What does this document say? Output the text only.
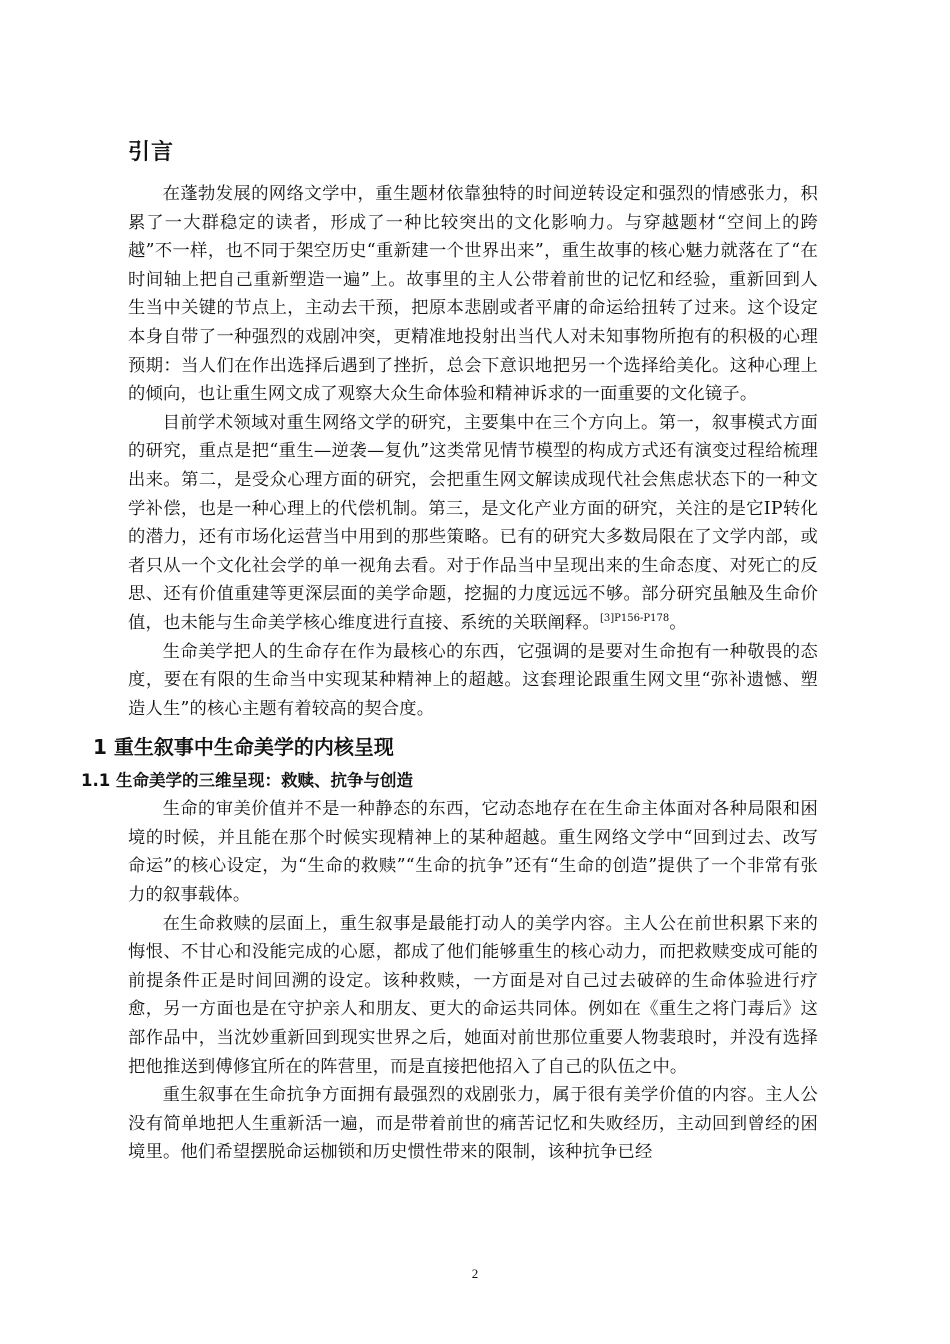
引言

在蓬勃发展的网络文学中，重生题材依靠独特的时间逆转设定和强烈的情感张力，积累了一大群稳定的读者，形成了一种比较突出的文化影响力。与穿越题材“空间上的跨越”不一样，也不同于架空历史“重新建一个世界出来”，重生故事的核心魅力就落在了“在时间轴上把自己重新塑造一遍”上。故事里的主人公带着前世的记忆和经验，重新回到人生当中关键的节点上，主动去干预，把原本悲剧或者平庸的命运给扭转了过来。这个设定本身自带了一种强烈的戏剧冲突，更精准地投射出当代人对未知事物所抱有的积极的心理预期：当人们在作出选择后遇到了挫折，总会下意识地把另一个选择给美化。这种心理上的倾向，也让重生网文成了观察大众生命体验和精神诉求的一面重要的文化镜子。

目前学术领域对重生网络文学的研究，主要集中在三个方向上。第一，叙事模式方面的研究，重点是把“重生—逆袭—复仇”这类常见情节模型的构成方式还有演变过程给梳理出来。第二，是受众心理方面的研究，会把重生网文解读成现代社会焦虑状态下的一种文学补偿，也是一种心理上的代偿机制。第三，是文化产业方面的研究，关注的是它IP转化的潜力，还有市场化运营当中用到的那些策略。已有的研究大多数局限在了文学内部，或者只从一个文化社会学的单一视角去看。对于作品当中呈现出来的生命态度、对死亡的反思、还有价值重建等更深层面的美学命题，挖掘的力度远远不够。部分研究虽触及生命价值，也未能与生命美学核心维度进行直接、系统的关联阐释。$^{[3]P156-P178}$。

生命美学把人的生命存在作为最核心的东西，它强调的是要对生命抱有一种敬畏的态度，要在有限的生命当中实现某种精神上的超越。这套理论跟重生网文里“弥补遗憾、塑造人生”的核心主题有着较高的契合度。

1 重生叙事中生命美学的内核呈现
1.1 生命美学的三维呈现：救赎、抗争与创造

生命的审美价值并不是一种静态的东西，它动态地存在在生命主体面对各种局限和困境的时候，并且能在那个时候实现精神上的某种超越。重生网络文学中“回到过去、改写命运”的核心设定，为“生命的救赎”“生命的抗争”还有“生命的创造”提供了一个非常有张力的叙事载体。

在生命救赎的层面上，重生叙事是最能打动人的美学内容。主人公在前世积累下来的悔恨、不甘心和没能完成的心愿，都成了他们能够重生的核心动力，而把救赎变成可能的前提条件正是时间回溯的设定。该种救赎，一方面是对自己过去破碎的生命体验进行疗愈，另一方面也是在守护亲人和朋友、更大的命运共同体。例如在《重生之将门毒后》这部作品中，当沈妙重新回到现实世界之后，她面对前世那位重要人物裴琅时，并没有选择把他推送到傅修宜所在的阵营里，而是直接把他招入了自己的队伍之中。

重生叙事在生命抗争方面拥有最强烈的戏剧张力，属于很有美学价值的内容。主人公没有简单地把人生重新活一遍，而是带着前世的痛苦记忆和失败经历，主动回到曾经的困境里。他们希望摆脱命运枷锁和历史惯性带来的限制，该种抗争已经

2
